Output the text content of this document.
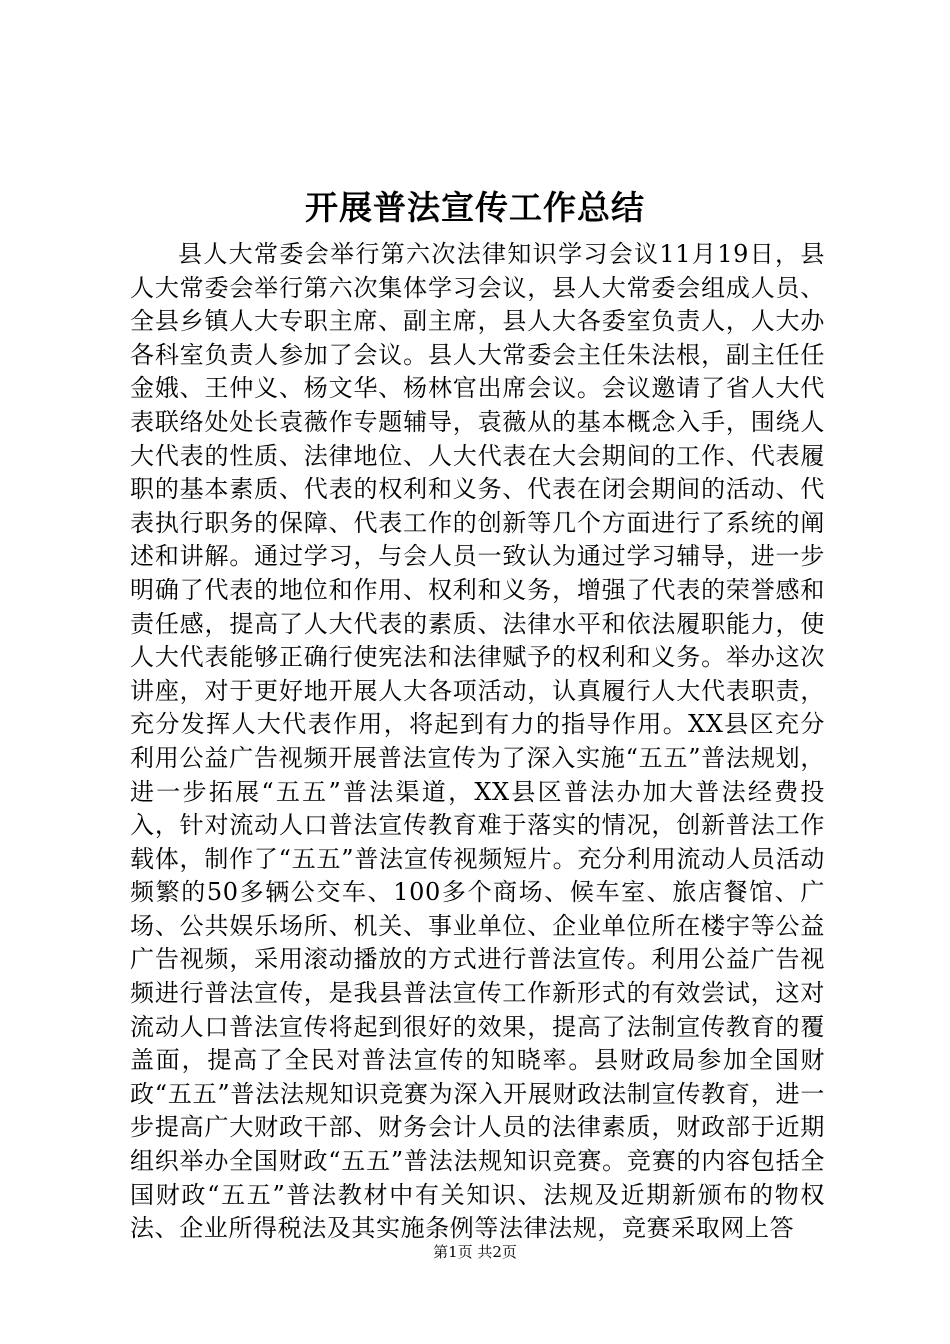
开展普法宣传工作总结

县人大常委会举行第六次法律知识学习会议11月19日，县人大常委会举行第六次集体学习会议，县人大常委会组成人员、全县乡镇人大专职主席、副主席，县人大各委室负责人，人大办各科室负责人参加了会议。县人大常委会主任朱法根，副主任任金娥、王仲义、杨文华、杨林官出席会议。会议邀请了省人大代表联络处处长袁薇作专题辅导，袁薇从的基本概念入手，围绕人大代表的性质、法律地位、人大代表在大会期间的工作、代表履职的基本素质、代表的权利和义务、代表在闭会期间的活动、代表执行职务的保障、代表工作的创新等几个方面进行了系统的阐述和讲解。通过学习，与会人员一致认为通过学习辅导，进一步明确了代表的地位和作用、权利和义务，增强了代表的荣誉感和责任感，提高了人大代表的素质、法律水平和依法履职能力，使人大代表能够正确行使宪法和法律赋予的权利和义务。举办这次讲座，对于更好地开展人大各项活动，认真履行人大代表职责，充分发挥人大代表作用，将起到有力的指导作用。XX县区充分利用公益广告视频开展普法宣传为了深入实施“五五”普法规划，进一步拓展“五五”普法渠道，XX县区普法办加大普法经费投入，针对流动人口普法宣传教育难于落实的情况，创新普法工作载体，制作了“五五”普法宣传视频短片。充分利用流动人员活动频繁的50多辆公交车、100多个商场、候车室、旅店餐馆、广场、公共娱乐场所、机关、事业单位、企业单位所在楼宇等公益广告视频，采用滚动播放的方式进行普法宣传。利用公益广告视频进行普法宣传，是我县普法宣传工作新形式的有效尝试，这对流动人口普法宣传将起到很好的效果，提高了法制宣传教育的覆盖面，提高了全民对普法宣传的知晓率。县财政局参加全国财政“五五”普法法规知识竞赛为深入开展财政法制宣传教育，进一步提高广大财政干部、财务会计人员的法律素质，财政部于近期组织举办全国财政“五五”普法法规知识竞赛。竞赛的内容包括全国财政“五五”普法教材中有关知识、法规及近期新颁布的物权法、企业所得税法及其实施条例等法律法规，竞赛采取网上答

第1页 共2页
